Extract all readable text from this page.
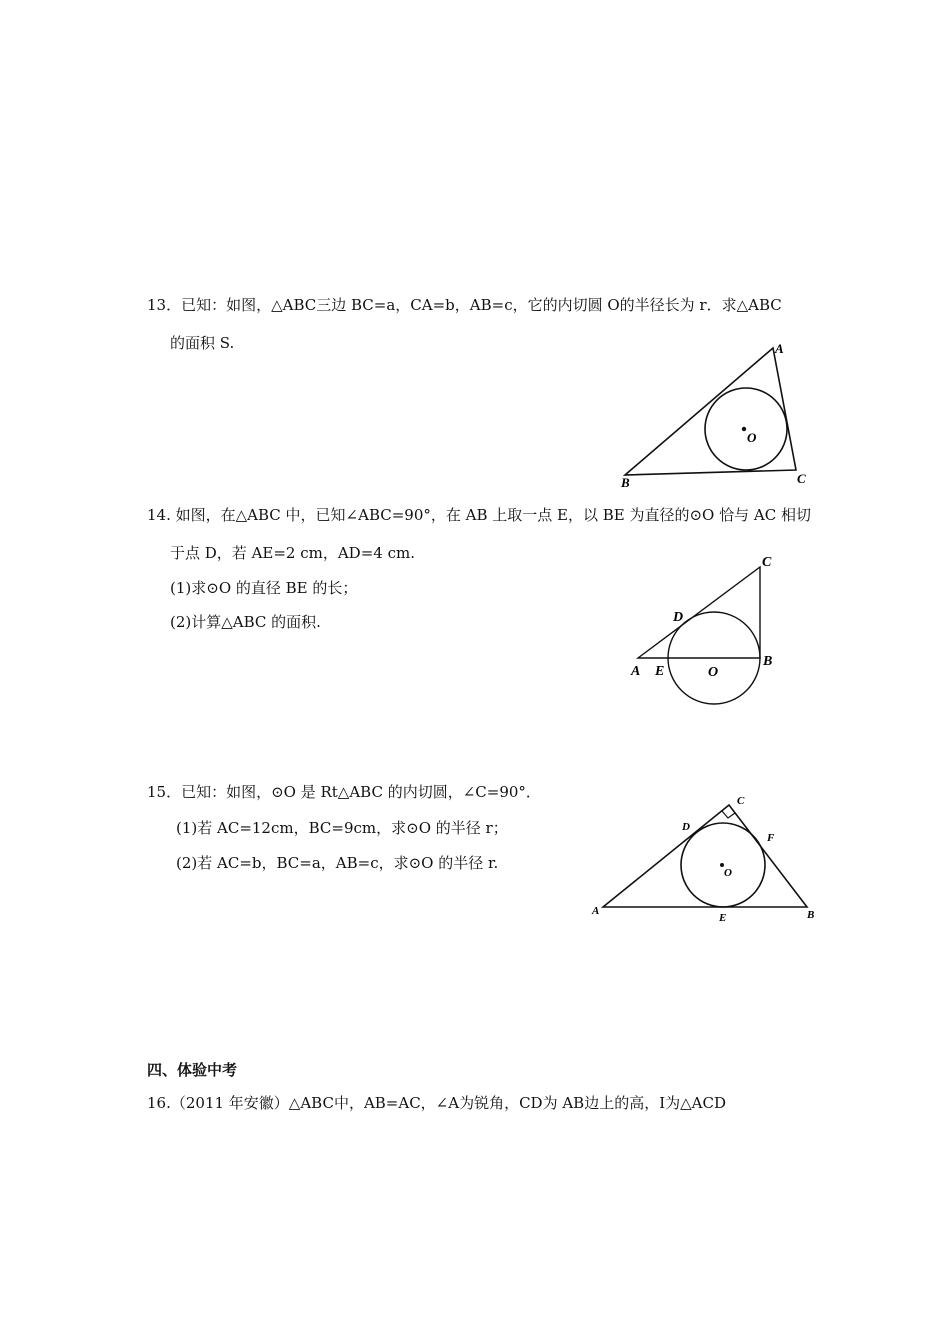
13．已知：如图，△ABC三边 BC=a，CA=b，AB=c，它的内切圆 O的半径长为 r．求△ABC
的面积 S.	A
B	C
O
14. 如图，在△ABC 中，已知∠ABC=90°，在 AB 上取一点 E，以 BE 为直径的⊙O 恰与 AC 相切
于点 D，若 AE=2 cm，AD=4 cm.
(1)求⊙O 的直径 BE 的长；
(2)计算△ABC 的面积.
A
B
C
D
E	O
15．已知：如图，⊙O 是 Rt△ABC 的内切圆，∠C=90°．
(1)若 AC=12cm，BC=9cm，求⊙O 的半径 r；
(2)若 AC=b，BC=a，AB=c，求⊙O 的半径 r.
A	B
C
D
E
F
O
四、体验中考
16.（2011 年安徽）△ABC中，AB=AC，∠A为锐角，CD为 AB边上的高，I为△ACD
